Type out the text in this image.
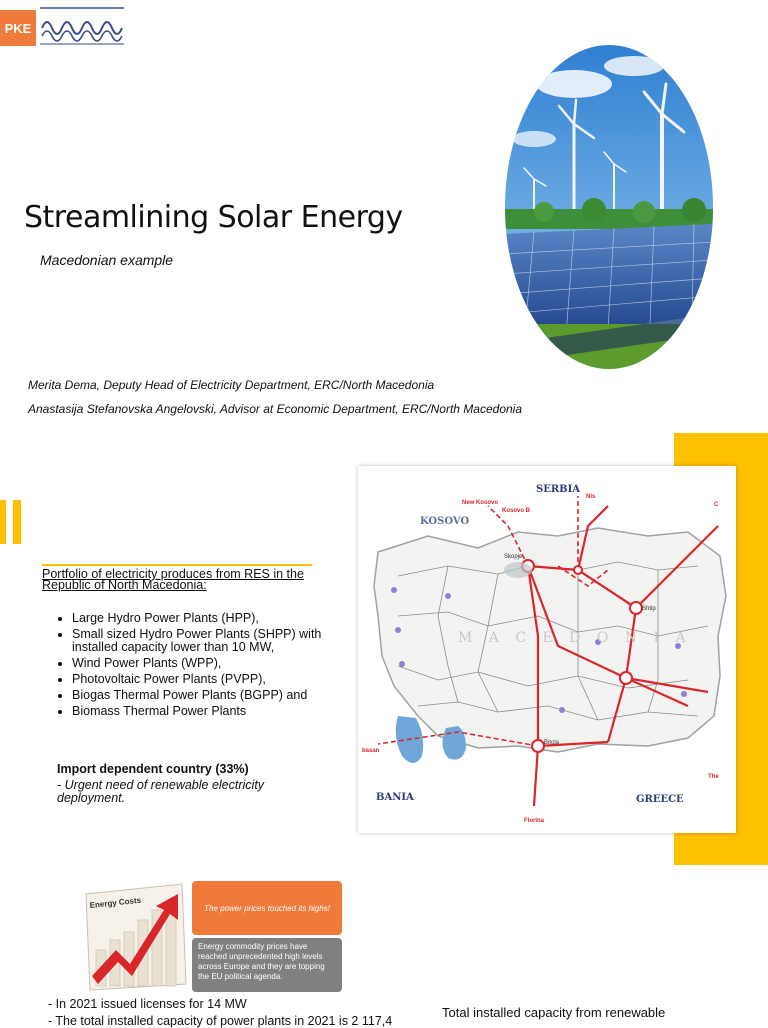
PKE
Streamlining Solar Energy
Macedonian example
Merita Dema, Deputy Head of Electricity Department, ERC/North Macedonia
Anastasija Stefanovska Angelovski, Advisor at Economic Department, ERC/North Macedonia
SERBIA
KOSOVO
GREECE
BANIA
M A C E D O N I A
New Kosovo
Kosovo B
Nis
Skopje
Shtip
Bitola
Florina
basan
The
C
Portfolio of electricity produces from RES in the Republic of North Macedonia:
• Large Hydro Power Plants (HPP),
• Small sized Hydro Power Plants (SHPP) with installed capacity lower than 10 MW,
• Wind Power Plants (WPP),
• Photovoltaic Power Plants (PVPP),
• Biogas Thermal Power Plants (BGPP) and
• Biomass Thermal Power Plants
Import dependent country (33%)
- Urgent need of renewable electricity deployment.
Energy Costs	The power prices touched its highs!
Energy commodity prices have reached unprecedented high levels across Europe and they are topping the EU political agenda.
- In 2021 issued licenses for 14 MW
- The total installed capacity of power plants in 2021 is 2 117,4
Total installed capacity from renewable
